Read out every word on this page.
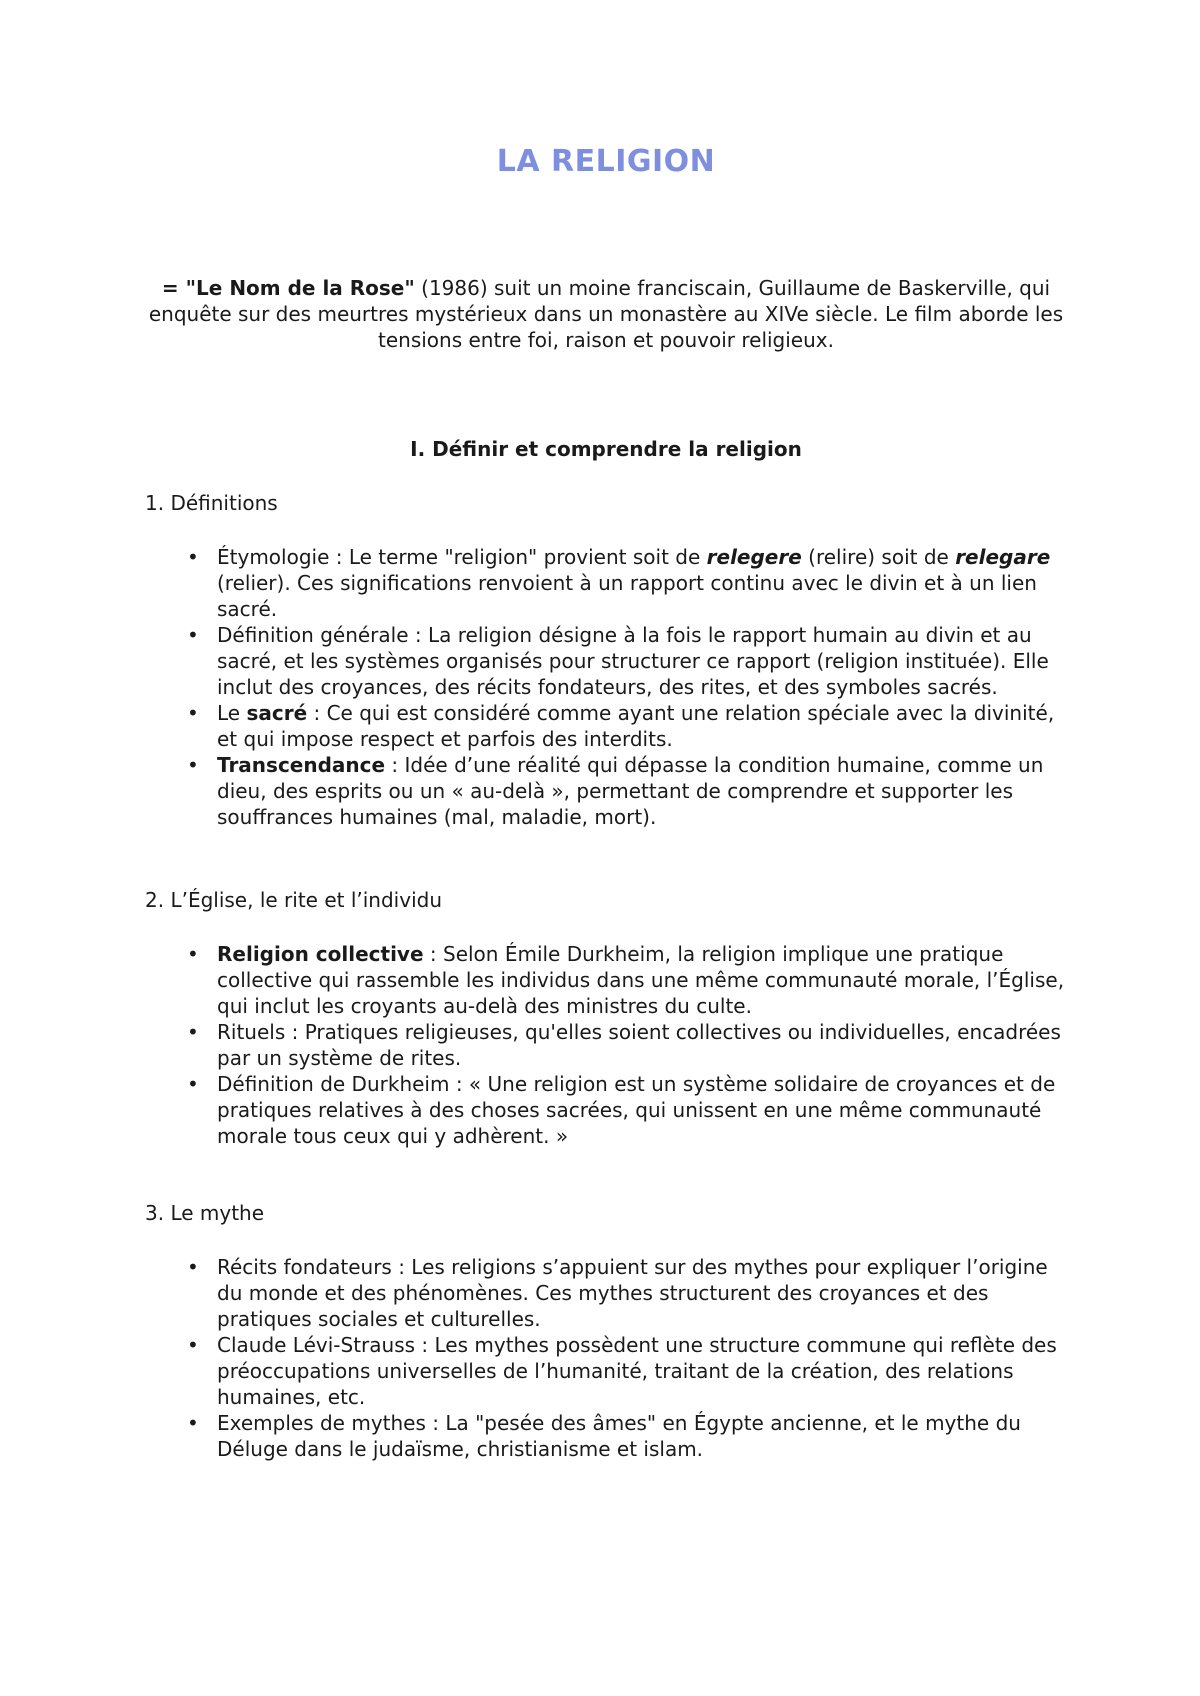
LA RELIGION

= "Le Nom de la Rose" (1986) suit un moine franciscain, Guillaume de Baskerville, qui enquête sur des meurtres mystérieux dans un monastère au XIVe siècle. Le film aborde les tensions entre foi, raison et pouvoir religieux.

I. Définir et comprendre la religion

1. Définitions

• Étymologie : Le terme "religion" provient soit de relegere (relire) soit de relegare (relier). Ces significations renvoient à un rapport continu avec le divin et à un lien sacré.
• Définition générale : La religion désigne à la fois le rapport humain au divin et au sacré, et les systèmes organisés pour structurer ce rapport (religion instituée). Elle inclut des croyances, des récits fondateurs, des rites, et des symboles sacrés.
• Le sacré : Ce qui est considéré comme ayant une relation spéciale avec la divinité, et qui impose respect et parfois des interdits.
• Transcendance : Idée d’une réalité qui dépasse la condition humaine, comme un dieu, des esprits ou un « au-delà », permettant de comprendre et supporter les souffrances humaines (mal, maladie, mort).

2. L’Église, le rite et l’individu

• Religion collective : Selon Émile Durkheim, la religion implique une pratique collective qui rassemble les individus dans une même communauté morale, l’Église, qui inclut les croyants au-delà des ministres du culte.
• Rituels : Pratiques religieuses, qu'elles soient collectives ou individuelles, encadrées par un système de rites.
• Définition de Durkheim : « Une religion est un système solidaire de croyances et de pratiques relatives à des choses sacrées, qui unissent en une même communauté morale tous ceux qui y adhèrent. »

3. Le mythe

• Récits fondateurs : Les religions s’appuient sur des mythes pour expliquer l’origine du monde et des phénomènes. Ces mythes structurent des croyances et des pratiques sociales et culturelles.
• Claude Lévi-Strauss : Les mythes possèdent une structure commune qui reflète des préoccupations universelles de l’humanité, traitant de la création, des relations humaines, etc.
• Exemples de mythes : La "pesée des âmes" en Égypte ancienne, et le mythe du Déluge dans le judaïsme, christianisme et islam.
